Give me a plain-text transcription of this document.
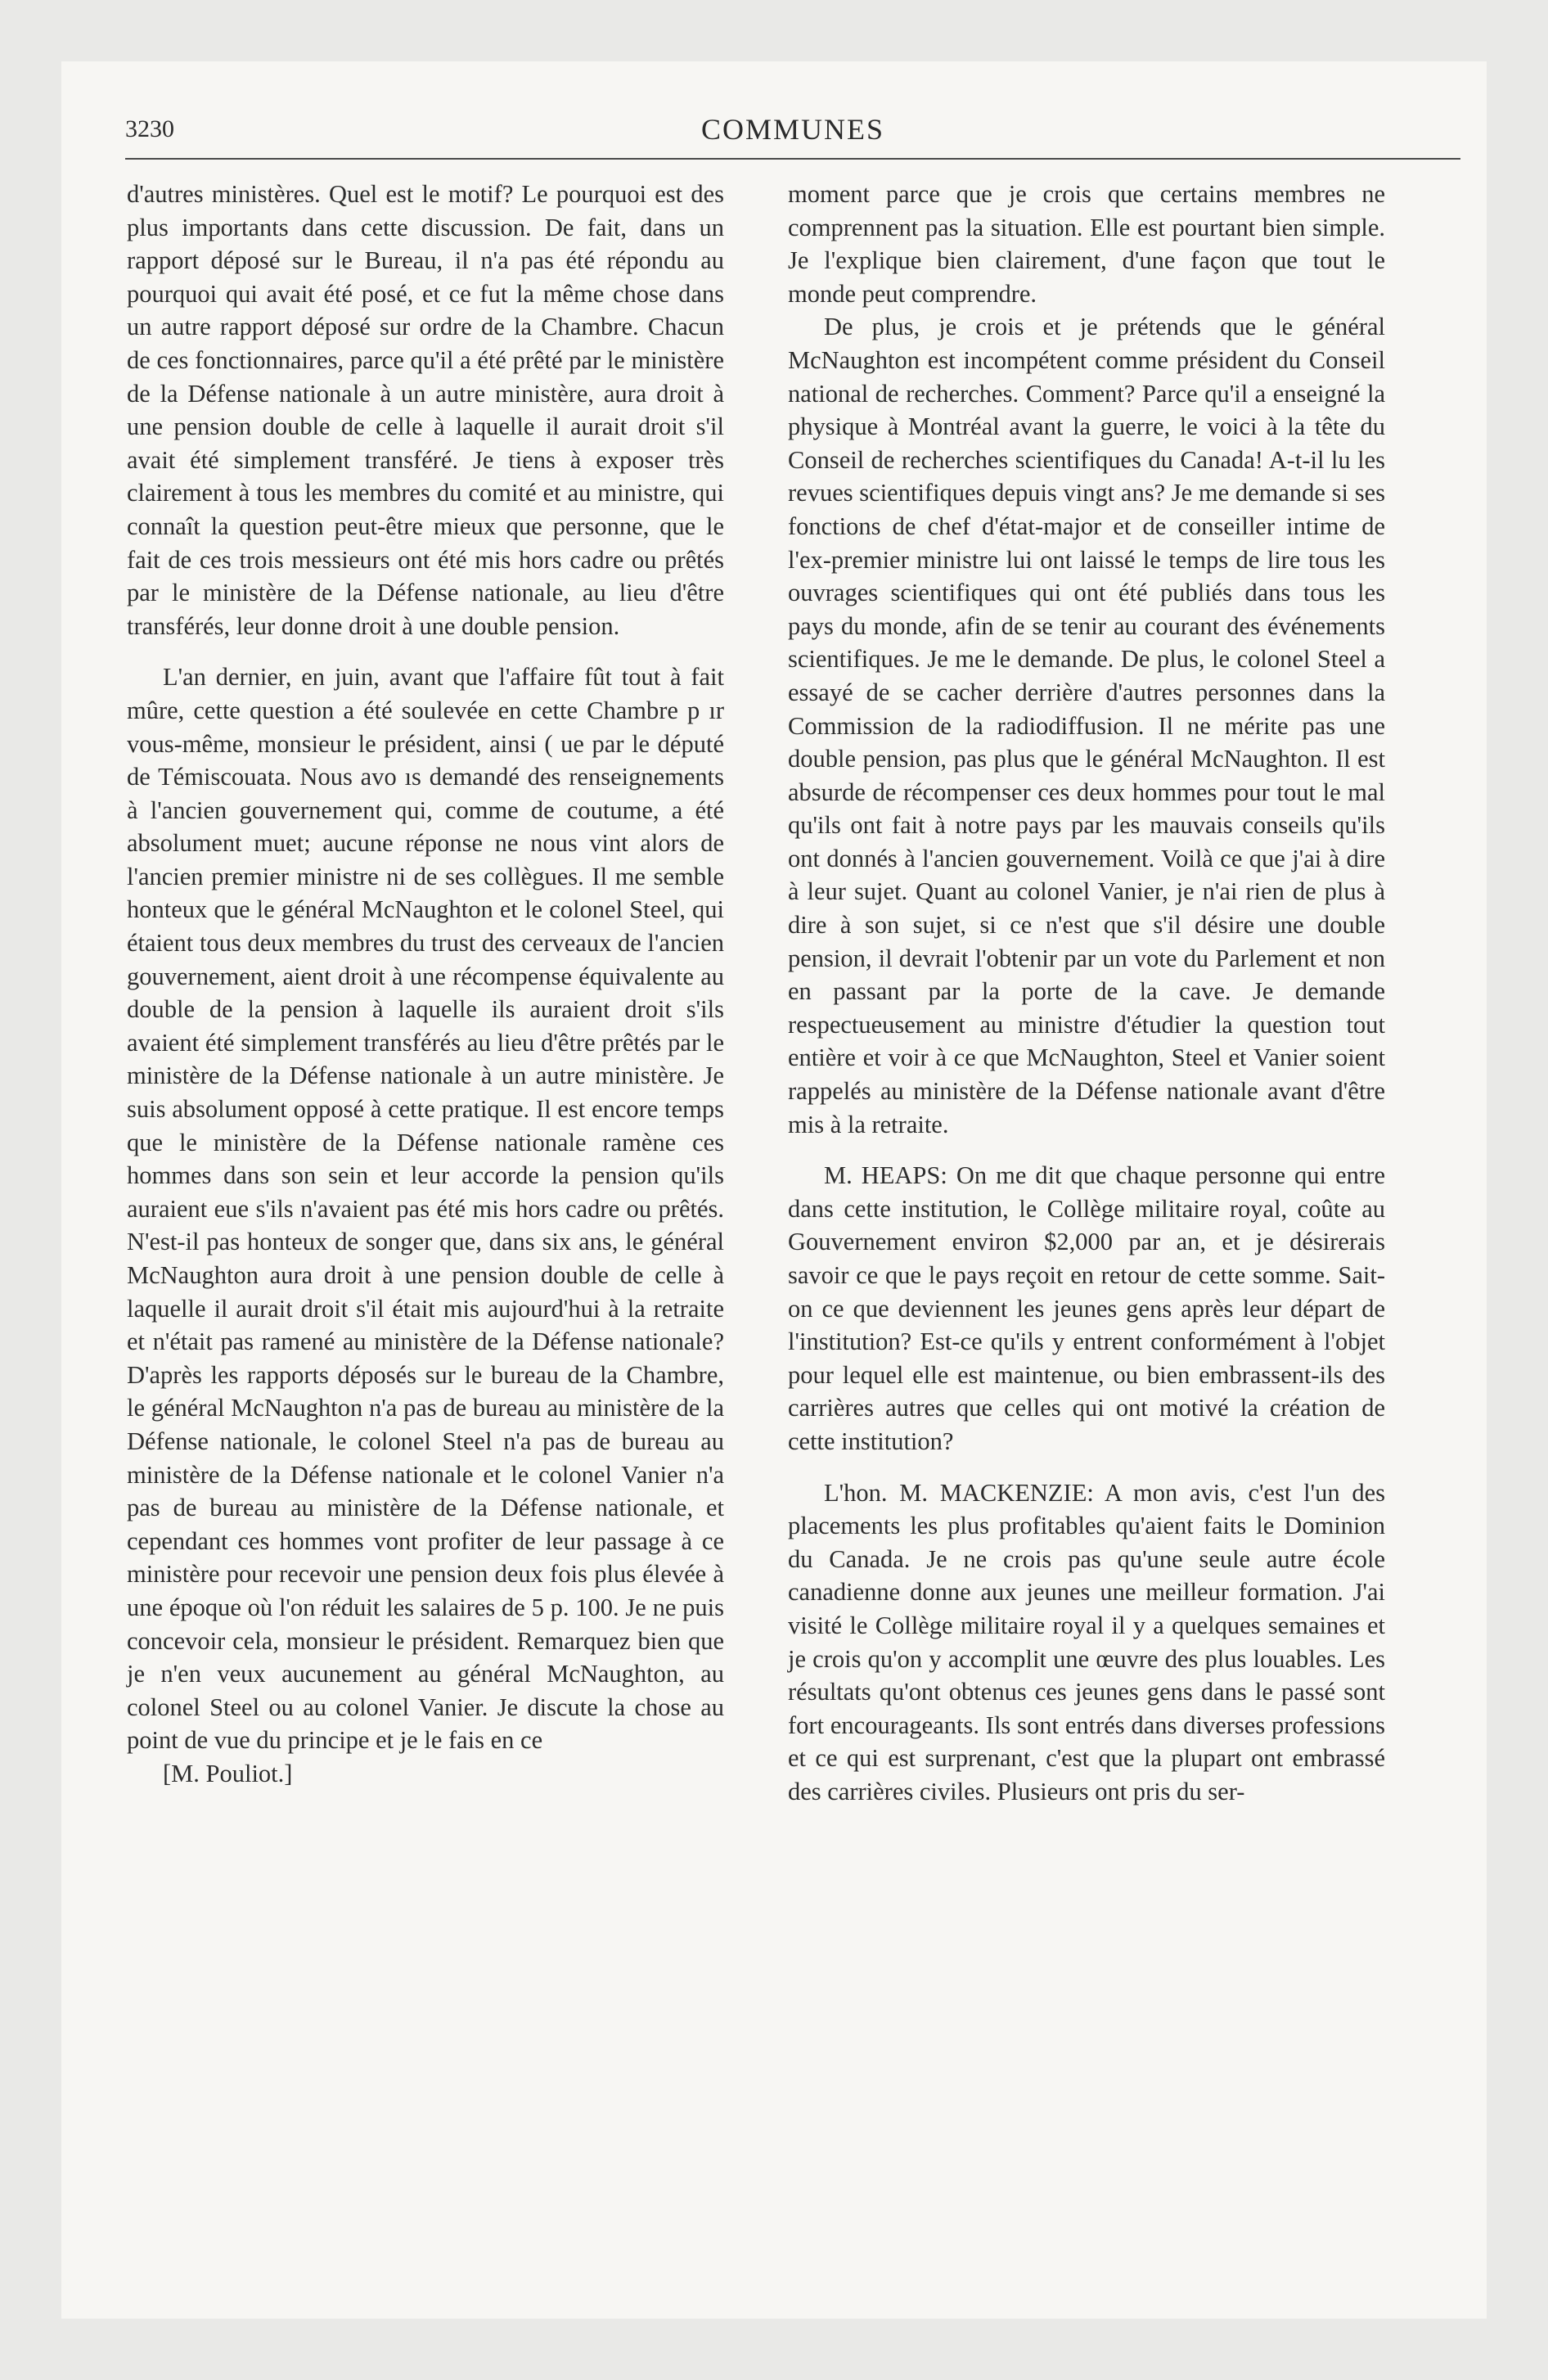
3230	COMMUNES

d'autres ministères. Quel est le motif? Le pourquoi est des plus importants dans cette discussion. De fait, dans un rapport déposé sur le Bureau, il n'a pas été répondu au pourquoi qui avait été posé, et ce fut la même chose dans un autre rapport déposé sur ordre de la Chambre. Chacun de ces fonctionnaires, parce qu'il a été prêté par le ministère de la Défense nationale à un autre ministère, aura droit à une pension double de celle à laquelle il aurait droit s'il avait été simplement transféré. Je tiens à exposer très clairement à tous les membres du comité et au ministre, qui connaît la question peut-être mieux que personne, que le fait de ces trois messieurs ont été mis hors cadre ou prêtés par le ministère de la Défense nationale, au lieu d'être transférés, leur donne droit à une double pension.

L'an dernier, en juin, avant que l'affaire fût tout à fait mûre, cette question a été soulevée en cette Chambre p ır vous-même, monsieur le président, ainsi ( ue par le député de Témiscouata. Nous avo ıs demandé des renseignements à l'ancien gouvernement qui, comme de coutume, a été absolument muet; aucune réponse ne nous vint alors de l'ancien premier ministre ni de ses collègues. Il me semble honteux que le général McNaughton et le colonel Steel, qui étaient tous deux membres du trust des cerveaux de l'ancien gouvernement, aient droit à une récompense équivalente au double de la pension à laquelle ils auraient droit s'ils avaient été simplement transférés au lieu d'être prêtés par le ministère de la Défense nationale à un autre ministère. Je suis absolument opposé à cette pratique. Il est encore temps que le ministère de la Défense nationale ramène ces hommes dans son sein et leur accorde la pension qu'ils auraient eue s'ils n'avaient pas été mis hors cadre ou prêtés. N'est-il pas honteux de songer que, dans six ans, le général McNaughton aura droit à une pension double de celle à laquelle il aurait droit s'il était mis aujourd'hui à la retraite et n'était pas ramené au ministère de la Défense nationale? D'après les rapports déposés sur le bureau de la Chambre, le général McNaughton n'a pas de bureau au ministère de la Défense nationale, le colonel Steel n'a pas de bureau au ministère de la Défense nationale et le colonel Vanier n'a pas de bureau au ministère de la Défense nationale, et cependant ces hommes vont profiter de leur passage à ce ministère pour recevoir une pension deux fois plus élevée à une époque où l'on réduit les salaires de 5 p. 100. Je ne puis concevoir cela, monsieur le président. Remarquez bien que je n'en veux aucunement au général McNaughton, au colonel Steel ou au colonel Vanier. Je discute la chose au point de vue du principe et je le fais en ce

[M. Pouliot.]

moment parce que je crois que certains membres ne comprennent pas la situation. Elle est pourtant bien simple. Je l'explique bien clairement, d'une façon que tout le monde peut comprendre.

De plus, je crois et je prétends que le général McNaughton est incompétent comme président du Conseil national de recherches. Comment? Parce qu'il a enseigné la physique à Montréal avant la guerre, le voici à la tête du Conseil de recherches scientifiques du Canada! A-t-il lu les revues scientifiques depuis vingt ans? Je me demande si ses fonctions de chef d'état-major et de conseiller intime de l'ex-premier ministre lui ont laissé le temps de lire tous les ouvrages scientifiques qui ont été publiés dans tous les pays du monde, afin de se tenir au courant des événements scientifiques. Je me le demande. De plus, le colonel Steel a essayé de se cacher derrière d'autres personnes dans la Commission de la radiodiffusion. Il ne mérite pas une double pension, pas plus que le général McNaughton. Il est absurde de récompenser ces deux hommes pour tout le mal qu'ils ont fait à notre pays par les mauvais conseils qu'ils ont donnés à l'ancien gouvernement. Voilà ce que j'ai à dire à leur sujet. Quant au colonel Vanier, je n'ai rien de plus à dire à son sujet, si ce n'est que s'il désire une double pension, il devrait l'obtenir par un vote du Parlement et non en passant par la porte de la cave. Je demande respectueusement au ministre d'étudier la question tout entière et voir à ce que McNaughton, Steel et Vanier soient rappelés au ministère de la Défense nationale avant d'être mis à la retraite.

M. HEAPS: On me dit que chaque personne qui entre dans cette institution, le Collège militaire royal, coûte au Gouvernement environ $2,000 par an, et je désirerais savoir ce que le pays reçoit en retour de cette somme. Sait-on ce que deviennent les jeunes gens après leur départ de l'institution? Est-ce qu'ils y entrent conformément à l'objet pour lequel elle est maintenue, ou bien embrassent-ils des carrières autres que celles qui ont motivé la création de cette institution?

L'hon. M. MACKENZIE: A mon avis, c'est l'un des placements les plus profitables qu'aient faits le Dominion du Canada. Je ne crois pas qu'une seule autre école canadienne donne aux jeunes une meilleur formation. J'ai visité le Collège militaire royal il y a quelques semaines et je crois qu'on y accomplit une œuvre des plus louables. Les résultats qu'ont obtenus ces jeunes gens dans le passé sont fort encourageants. Ils sont entrés dans diverses professions et ce qui est surprenant, c'est que la plupart ont embrassé des carrières civiles. Plusieurs ont pris du ser-
